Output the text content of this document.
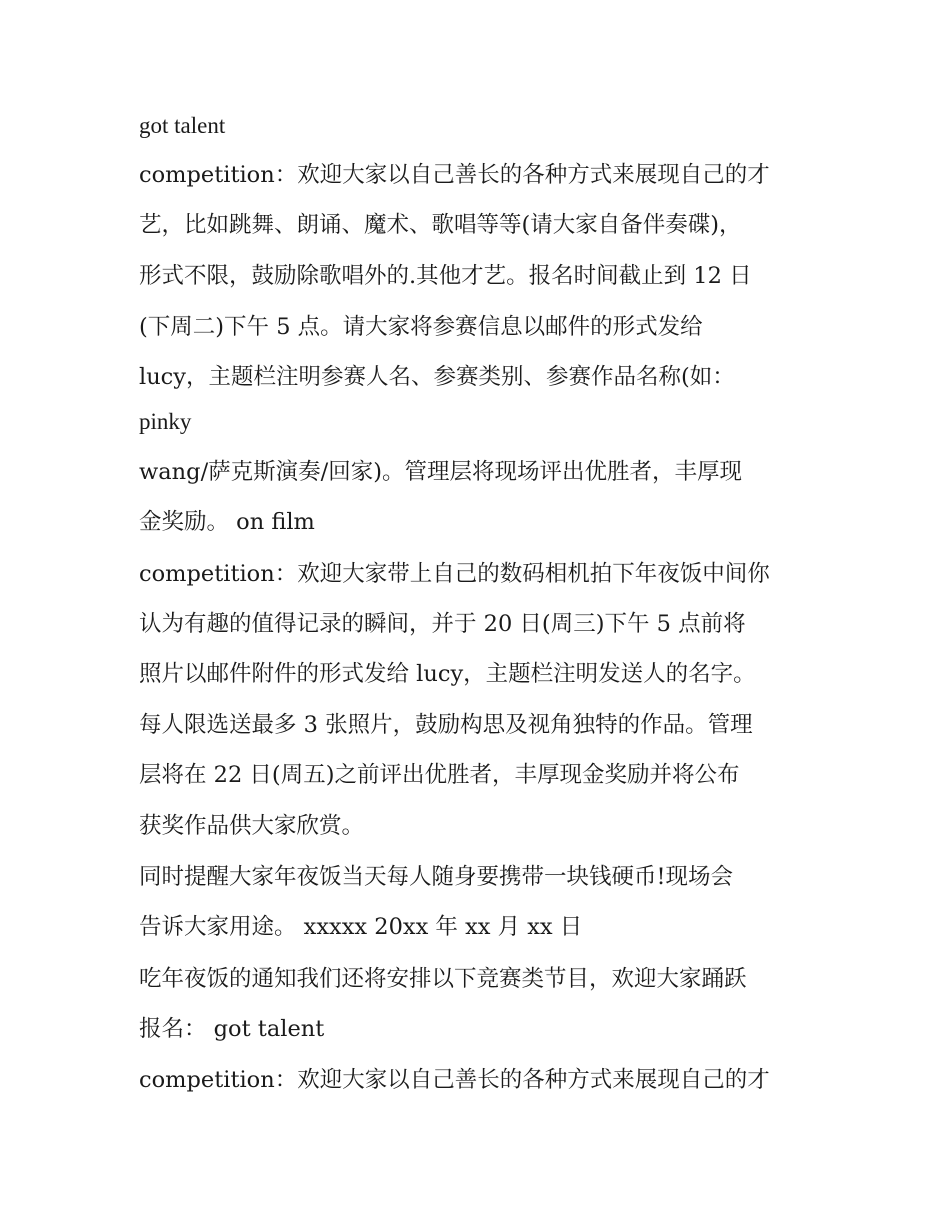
got talent

competition：欢迎大家以自己善长的各种方式来展现自己的才

艺，比如跳舞、朗诵、魔术、歌唱等等(请大家自备伴奏碟)，

形式不限，鼓励除歌唱外的.其他才艺。报名时间截止到 12 日

(下周二)下午 5 点。请大家将参赛信息以邮件的形式发给

lucy，主题栏注明参赛人名、参赛类别、参赛作品名称(如：

pinky

wang/萨克斯演奏/回家)。管理层将现场评出优胜者，丰厚现

金奖励。 on film

competition：欢迎大家带上自己的数码相机拍下年夜饭中间你

认为有趣的值得记录的瞬间，并于 20 日(周三)下午 5 点前将

照片以邮件附件的形式发给 lucy，主题栏注明发送人的名字。

每人限选送最多 3 张照片，鼓励构思及视角独特的作品。管理

层将在 22 日(周五)之前评出优胜者，丰厚现金奖励并将公布

获奖作品供大家欣赏。

同时提醒大家年夜饭当天每人随身要携带一块钱硬币!现场会

告诉大家用途。 xxxxx 20xx 年 xx 月 xx 日

吃年夜饭的通知我们还将安排以下竞赛类节目，欢迎大家踊跃

报名： got talent

competition：欢迎大家以自己善长的各种方式来展现自己的才
